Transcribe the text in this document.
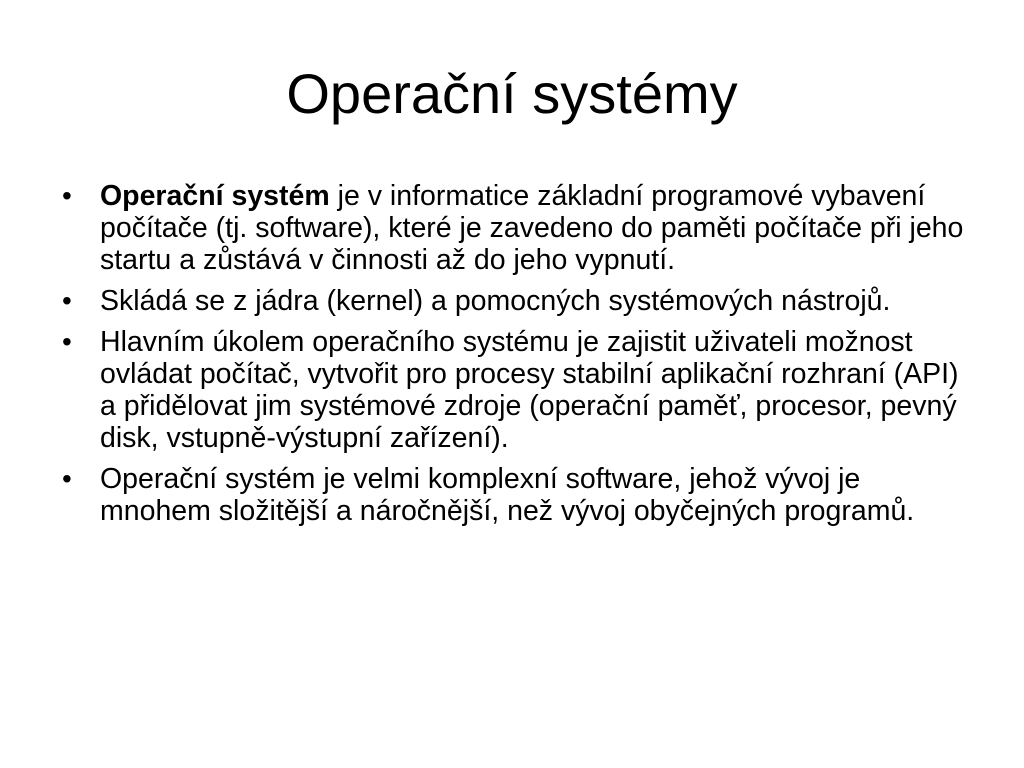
Operační systémy
• Operační systém je v informatice základní programové vybavení počítače (tj. software), které je zavedeno do paměti počítače při jeho startu a zůstává v činnosti až do jeho vypnutí.
• Skládá se z jádra (kernel) a pomocných systémových nástrojů.
• Hlavním úkolem operačního systému je zajistit uživateli možnost ovládat počítač, vytvořit pro procesy stabilní aplikační rozhraní (API) a přidělovat jim systémové zdroje (operační paměť, procesor, pevný disk, vstupně-výstupní zařízení).
• Operační systém je velmi komplexní software, jehož vývoj je mnohem složitější a náročnější, než vývoj obyčejných programů.
